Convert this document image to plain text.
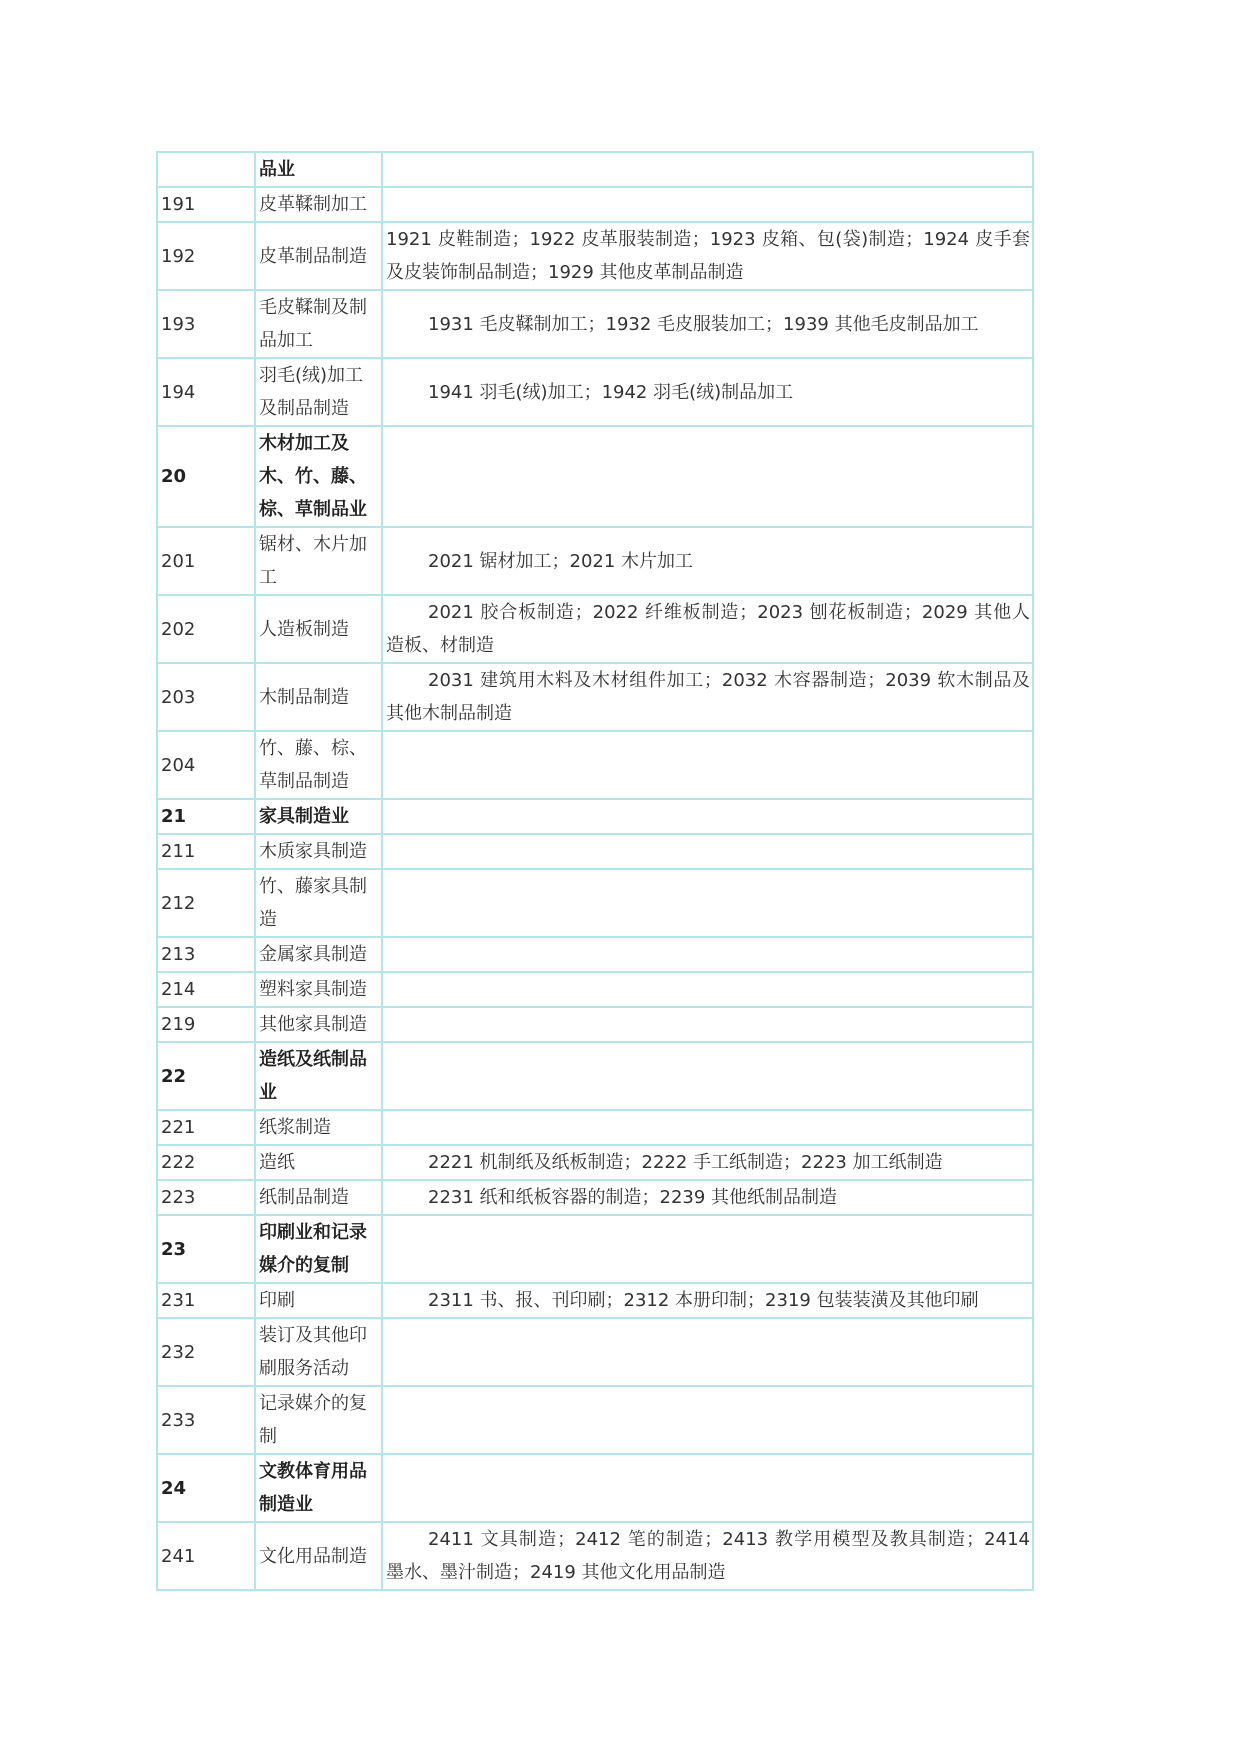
	品业	
191	皮革鞣制加工	
192	皮革制品制造	1921 皮鞋制造；1922 皮革服装制造；1923 皮箱、包(袋)制造；1924 皮手套及皮装饰制品制造；1929 其他皮革制品制造
193	毛皮鞣制及制品加工	1931 毛皮鞣制加工；1932 毛皮服装加工；1939 其他毛皮制品加工
194	羽毛(绒)加工及制品制造	1941 羽毛(绒)加工；1942 羽毛(绒)制品加工
20	木材加工及木、竹、藤、棕、草制品业	
201	锯材、木片加工	2021 锯材加工；2021 木片加工
202	人造板制造	2021 胶合板制造；2022 纤维板制造；2023 刨花板制造；2029 其他人造板、材制造
203	木制品制造	2031 建筑用木料及木材组件加工；2032 木容器制造；2039 软木制品及其他木制品制造
204	竹、藤、棕、草制品制造	
21	家具制造业	
211	木质家具制造	
212	竹、藤家具制造	
213	金属家具制造	
214	塑料家具制造	
219	其他家具制造	
22	造纸及纸制品业	
221	纸浆制造	
222	造纸	2221 机制纸及纸板制造；2222 手工纸制造；2223 加工纸制造
223	纸制品制造	2231 纸和纸板容器的制造；2239 其他纸制品制造
23	印刷业和记录媒介的复制	
231	印刷	2311 书、报、刊印刷；2312 本册印制；2319 包装装潢及其他印刷
232	装订及其他印刷服务活动	
233	记录媒介的复制	
24	文教体育用品制造业	
241	文化用品制造	2411 文具制造；2412 笔的制造；2413 教学用模型及教具制造；2414 墨水、墨汁制造；2419 其他文化用品制造
